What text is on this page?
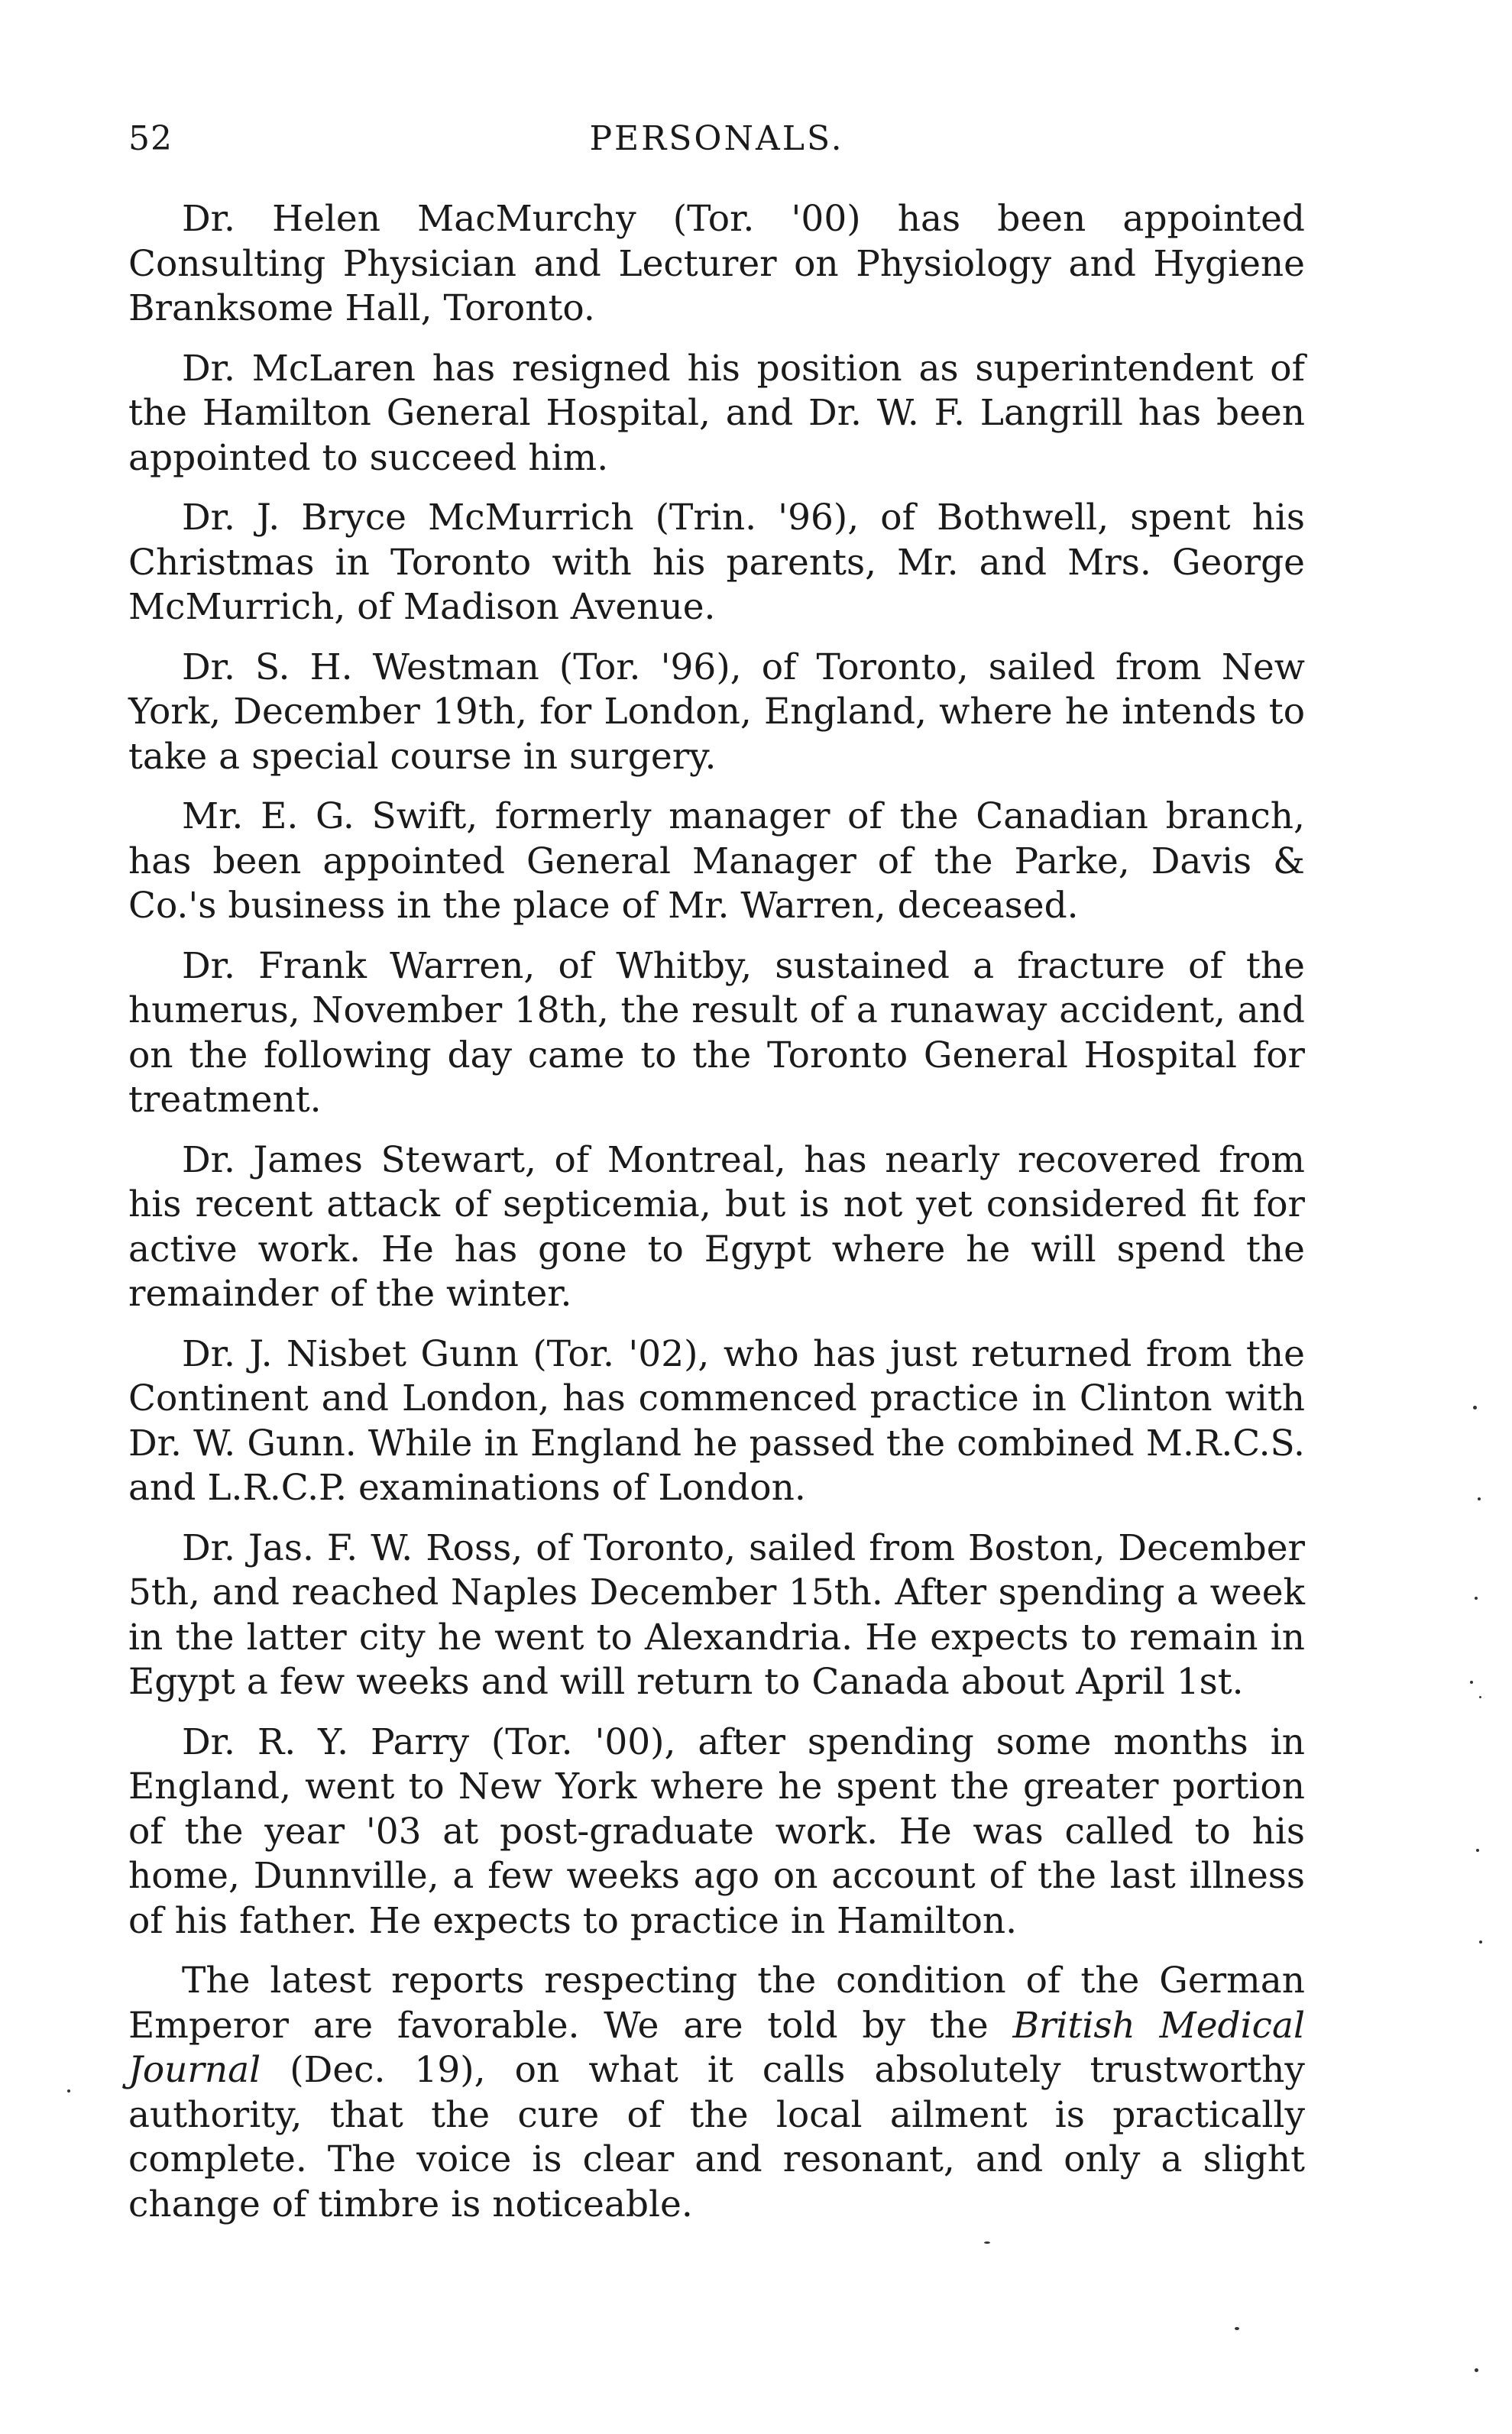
52	PERSONALS.

Dr. Helen MacMurchy (Tor. '00) has been appointed Consulting Physician and Lecturer on Physiology and Hygiene Branksome Hall, Toronto.

Dr. McLaren has resigned his position as superintendent of the Hamilton General Hospital, and Dr. W. F. Langrill has been appointed to succeed him.

Dr. J. Bryce McMurrich (Trin. '96), of Bothwell, spent his Christmas in Toronto with his parents, Mr. and Mrs. George McMurrich, of Madison Avenue.

Dr. S. H. Westman (Tor. '96), of Toronto, sailed from New York, December 19th, for London, England, where he intends to take a special course in surgery.

Mr. E. G. Swift, formerly manager of the Canadian branch, has been appointed General Manager of the Parke, Davis & Co.'s business in the place of Mr. Warren, deceased.

Dr. Frank Warren, of Whitby, sustained a fracture of the humerus, November 18th, the result of a runaway accident, and on the following day came to the Toronto General Hospital for treatment.

Dr. James Stewart, of Montreal, has nearly recovered from his recent attack of septicemia, but is not yet considered fit for active work. He has gone to Egypt where he will spend the remainder of the winter.

Dr. J. Nisbet Gunn (Tor. '02), who has just returned from the Continent and London, has commenced practice in Clinton with Dr. W. Gunn. While in England he passed the combined M.R.C.S. and L.R.C.P. examinations of London.

Dr. Jas. F. W. Ross, of Toronto, sailed from Boston, December 5th, and reached Naples December 15th. After spending a week in the latter city he went to Alexandria. He expects to remain in Egypt a few weeks and will return to Canada about April 1st.

Dr. R. Y. Parry (Tor. '00), after spending some months in England, went to New York where he spent the greater portion of the year '03 at post-graduate work. He was called to his home, Dunnville, a few weeks ago on account of the last illness of his father. He expects to practice in Hamilton.

The latest reports respecting the condition of the German Emperor are favorable. We are told by the British Medical Journal (Dec. 19), on what it calls absolutely trustworthy authority, that the cure of the local ailment is practically complete. The voice is clear and resonant, and only a slight change of timbre is noticeable.
